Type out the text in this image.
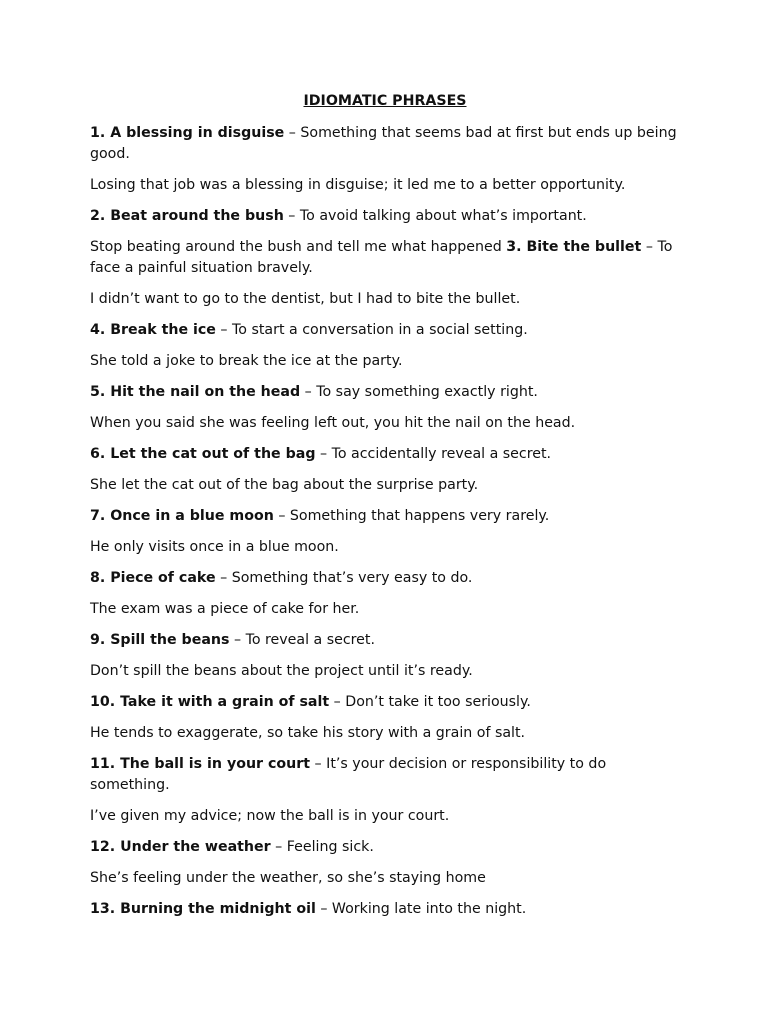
IDIOMATIC PHRASES

1. A blessing in disguise – Something that seems bad at first but ends up being good.

Losing that job was a blessing in disguise; it led me to a better opportunity.

2. Beat around the bush – To avoid talking about what’s important.

Stop beating around the bush and tell me what happened 3. Bite the bullet – To face a painful situation bravely.

I didn’t want to go to the dentist, but I had to bite the bullet.

4. Break the ice – To start a conversation in a social setting.

She told a joke to break the ice at the party.

5. Hit the nail on the head – To say something exactly right.

When you said she was feeling left out, you hit the nail on the head.

6. Let the cat out of the bag – To accidentally reveal a secret.

She let the cat out of the bag about the surprise party.

7. Once in a blue moon – Something that happens very rarely.

He only visits once in a blue moon.

8. Piece of cake – Something that’s very easy to do.

The exam was a piece of cake for her.

9. Spill the beans – To reveal a secret.

Don’t spill the beans about the project until it’s ready.

10. Take it with a grain of salt – Don’t take it too seriously.

He tends to exaggerate, so take his story with a grain of salt.

11. The ball is in your court – It’s your decision or responsibility to do something.

I’ve given my advice; now the ball is in your court.

12. Under the weather – Feeling sick.

She’s feeling under the weather, so she’s staying home

13. Burning the midnight oil – Working late into the night.
